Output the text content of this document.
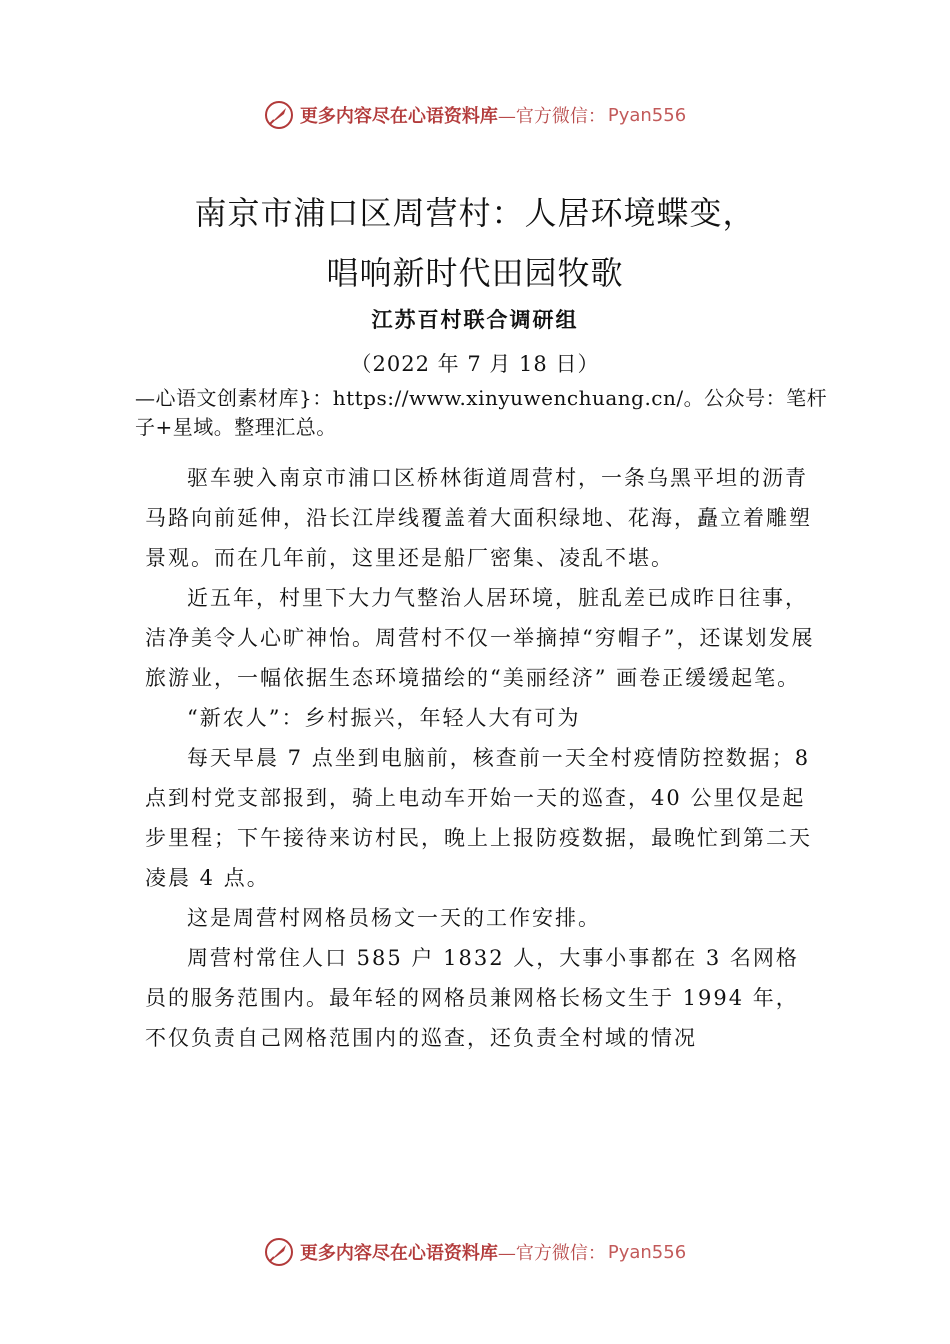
更多内容尽在心语资料库 —官方微信： Pyan556
南京市浦口区周营村：人居环境蝶变，
唱响新时代田园牧歌
江苏百村联合调研组
（2022 年 7 月 18 日）
—心语文创素材库}：https://www.xinyuwenchuang.cn/。公众号：笔杆子+星域。整理汇总。

驱车驶入南京市浦口区桥林街道周营村，一条乌黑平坦的沥青马路向前延伸，沿长江岸线覆盖着大面积绿地、花海，矗立着雕塑景观。而在几年前，这里还是船厂密集、凌乱不堪。

近五年，村里下大力气整治人居环境，脏乱差已成昨日往事，洁净美令人心旷神怡。周营村不仅一举摘掉“穷帽子”，还谋划发展旅游业，一幅依据生态环境描绘的“美丽经济” 画卷正缓缓起笔。

“新农人”：乡村振兴，年轻人大有可为

每天早晨 7 点坐到电脑前，核查前一天全村疫情防控数据；8 点到村党支部报到，骑上电动车开始一天的巡查，40 公里仅是起步里程；下午接待来访村民，晚上上报防疫数据，最晚忙到第二天凌晨 4 点。

这是周营村网格员杨文一天的工作安排。

周营村常住人口 585 户 1832 人，大事小事都在 3 名网格员的服务范围内。最年轻的网格员兼网格长杨文生于 1994 年，不仅负责自己网格范围内的巡查，还负责全村域的情况

更多内容尽在心语资料库 —官方微信： Pyan556
